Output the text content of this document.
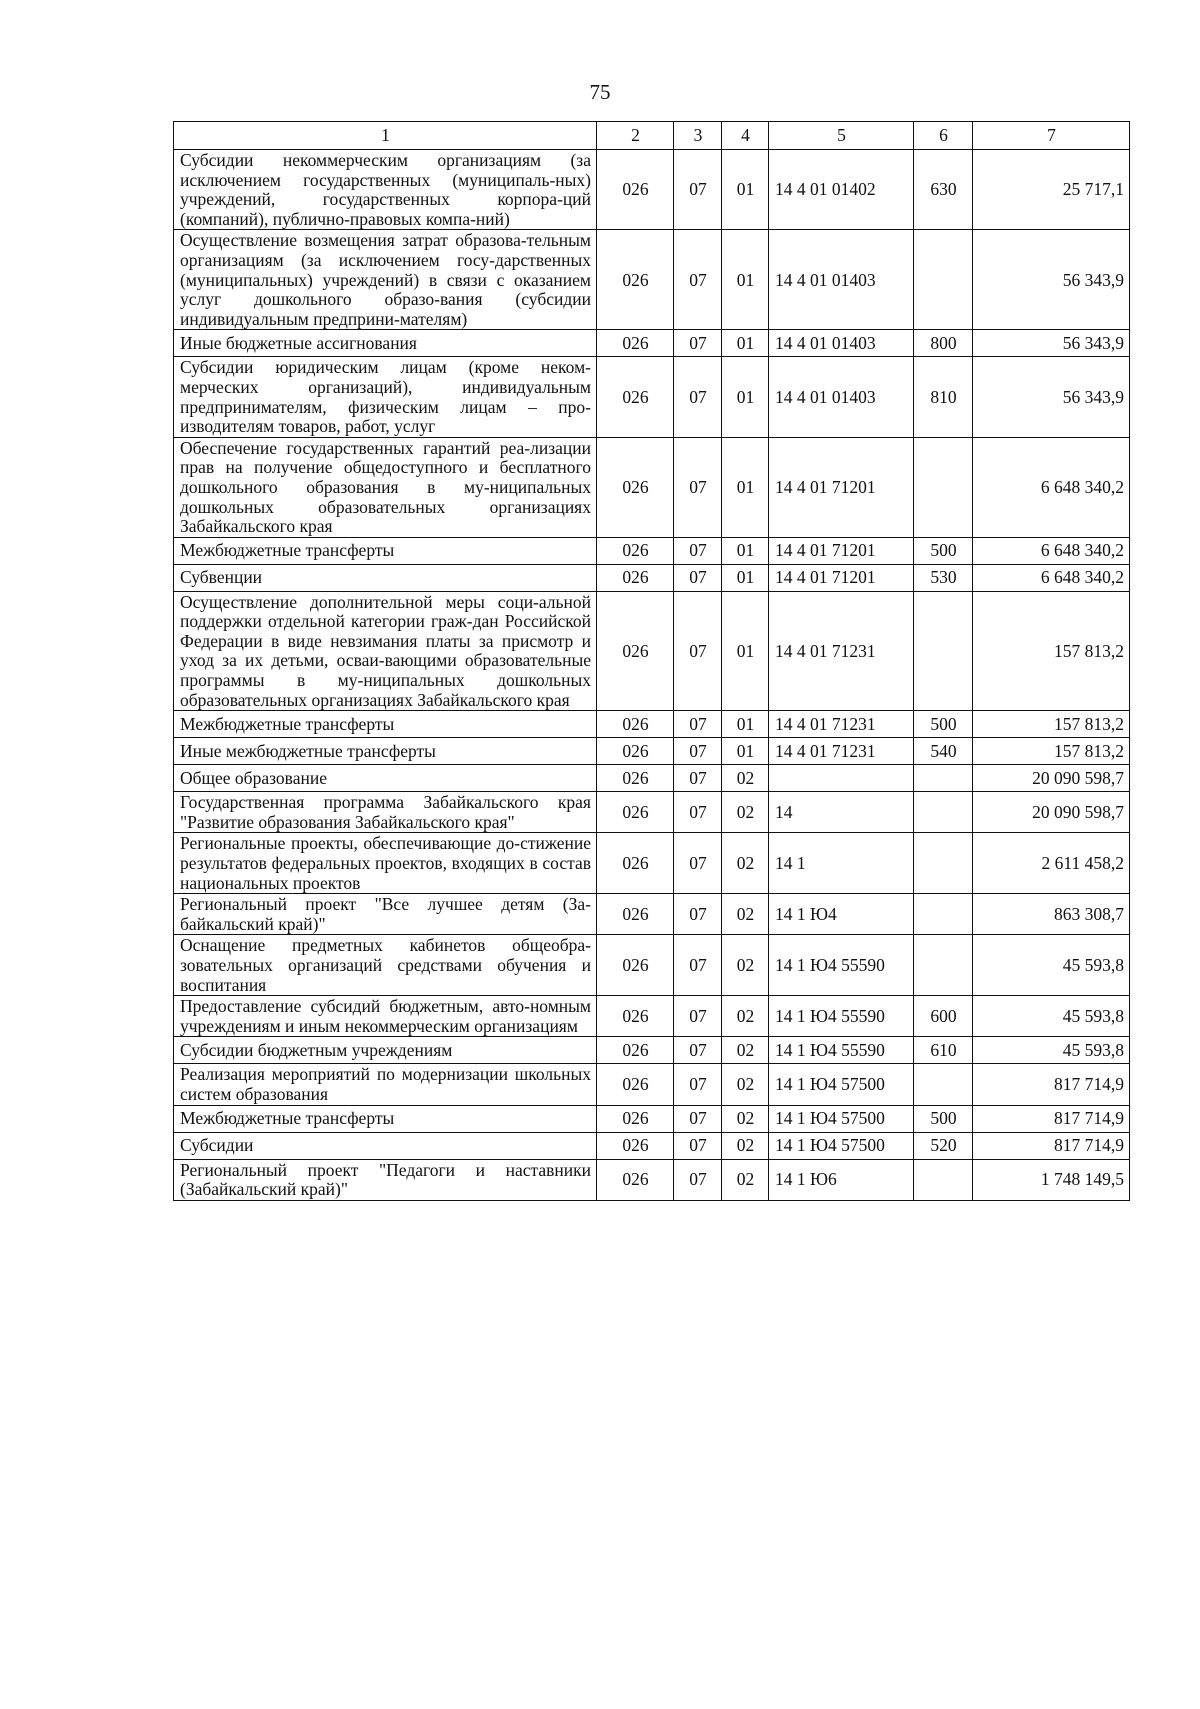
75
1	2	3	4	5	6	7
Субсидии некоммерческим организациям (за исключением государственных (муниципаль-ных) учреждений, государственных корпора-ций (компаний), публично-правовых компа-ний)	026	07	01	14 4 01 01402	630	25 717,1
Осуществление возмещения затрат образова-тельным организациям (за исключением госу-дарственных (муниципальных) учреждений) в связи с оказанием услуг дошкольного образо-вания (субсидии индивидуальным предприни-мателям)	026	07	01	14 4 01 01403		56 343,9
Иные бюджетные ассигнования	026	07	01	14 4 01 01403	800	56 343,9
Субсидии юридическим лицам (кроме неком-мерческих организаций), индивидуальным предпринимателям, физическим лицам – про-изводителям товаров, работ, услуг	026	07	01	14 4 01 01403	810	56 343,9
Обеспечение государственных гарантий реа-лизации прав на получение общедоступного и бесплатного дошкольного образования в му-ниципальных дошкольных образовательных организациях Забайкальского края	026	07	01	14 4 01 71201		6 648 340,2
Межбюджетные трансферты	026	07	01	14 4 01 71201	500	6 648 340,2
Субвенции	026	07	01	14 4 01 71201	530	6 648 340,2
Осуществление дополнительной меры соци-альной поддержки отдельной категории граж-дан Российской Федерации в виде невзимания платы за присмотр и уход за их детьми, осваи-вающими образовательные программы в му-ниципальных дошкольных образовательных организациях Забайкальского края	026	07	01	14 4 01 71231		157 813,2
Межбюджетные трансферты	026	07	01	14 4 01 71231	500	157 813,2
Иные межбюджетные трансферты	026	07	01	14 4 01 71231	540	157 813,2
Общее образование	026	07	02			20 090 598,7
Государственная программа Забайкальского края "Развитие образования Забайкальского края"	026	07	02	14		20 090 598,7
Региональные проекты, обеспечивающие до-стижение результатов федеральных проектов, входящих в состав национальных проектов	026	07	02	14 1		2 611 458,2
Региональный проект "Все лучшее детям (За-байкальский край)"	026	07	02	14 1 Ю4		863 308,7
Оснащение предметных кабинетов общеобра-зовательных организаций средствами обучения и воспитания	026	07	02	14 1 Ю4 55590		45 593,8
Предоставление субсидий бюджетным, авто-номным учреждениям и иным некоммерческим организациям	026	07	02	14 1 Ю4 55590	600	45 593,8
Субсидии бюджетным учреждениям	026	07	02	14 1 Ю4 55590	610	45 593,8
Реализация мероприятий по модернизации школьных систем образования	026	07	02	14 1 Ю4 57500		817 714,9
Межбюджетные трансферты	026	07	02	14 1 Ю4 57500	500	817 714,9
Субсидии	026	07	02	14 1 Ю4 57500	520	817 714,9
Региональный проект "Педагоги и наставники (Забайкальский край)"	026	07	02	14 1 Ю6		1 748 149,5
